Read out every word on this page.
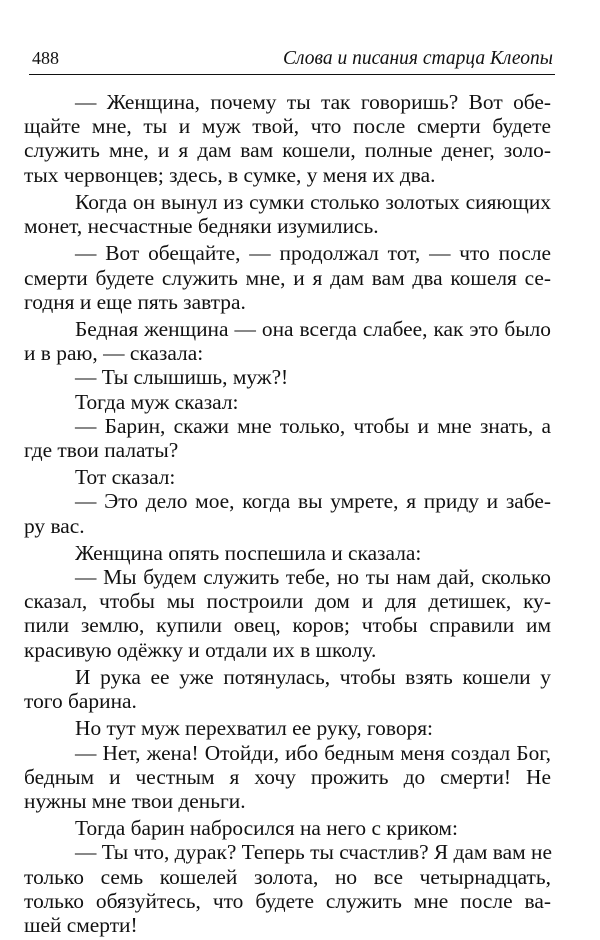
488	Слова и писания старца Клеопы
— Женщина, почему ты так говоришь? Вот обе-
щайте мне, ты и муж твой, что после смерти будете
служить мне, и я дам вам кошели, полные денег, золо-
тых червонцев; здесь, в сумке, у меня их два.
Когда он вынул из сумки столько золотых сияющих
монет, несчастные бедняки изумились.
— Вот обещайте, — продолжал тот, — что после
смерти будете служить мне, и я дам вам два кошеля се-
годня и еще пять завтра.
Бедная женщина — она всегда слабее, как это было
и в раю, — сказала:
— Ты слышишь, муж?!
Тогда муж сказал:
— Барин, скажи мне только, чтобы и мне знать, а
где твои палаты?
Тот сказал:
— Это дело мое, когда вы умрете, я приду и забе-
ру вас.
Женщина опять поспешила и сказала:
— Мы будем служить тебе, но ты нам дай, сколько
сказал, чтобы мы построили дом и для детишек, ку-
пили землю, купили овец, коров; чтобы справили им
красивую одёжку и отдали их в школу.
И рука ее уже потянулась, чтобы взять кошели у
того барина.
Но тут муж перехватил ее руку, говоря:
— Нет, жена! Отойди, ибо бедным меня создал Бог,
бедным и честным я хочу прожить до смерти! Не
нужны мне твои деньги.
Тогда барин набросился на него с криком:
— Ты что, дурак? Теперь ты счастлив? Я дам вам не
только семь кошелей золота, но все четырнадцать,
только обязуйтесь, что будете служить мне после ва-
шей смерти!
